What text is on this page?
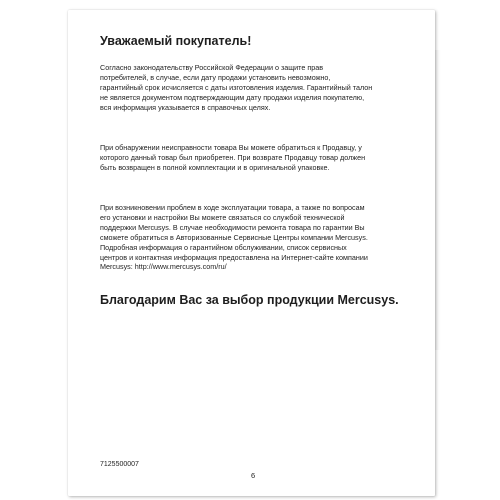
Уважаемый покупатель!
Согласно законодательству Российской Федерации о защите прав
потребителей, в случае, если дату продажи установить невозможно,
гарантийный срок исчисляется с даты изготовления изделия. Гарантийный талон
не является документом подтверждающим дату продажи изделия покупателю,
вся информация указывается в справочных целях.
При обнаружении неисправности товара Вы можете обратиться к Продавцу, у
которого данный товар был приобретен. При возврате Продавцу товар должен
быть возвращен в полной комплектации и в оригинальной упаковке.
При возникновении проблем в ходе эксплуатации товара, а также по вопросам
его установки и настройки Вы можете связаться со службой технической
поддержки Mercusys. В случае необходимости ремонта товара по гарантии Вы
сможете обратиться в Авторизованные Сервисные Центры компании Mercusys.
Подробная информация о гарантийном обслуживании, список сервисных
центров и контактная информация предоставлена на Интернет-сайте компании
Mercusys: http://www.mercusys.com/ru/
Благодарим Вас за выбор продукции Mercusys.
7125500007
6
